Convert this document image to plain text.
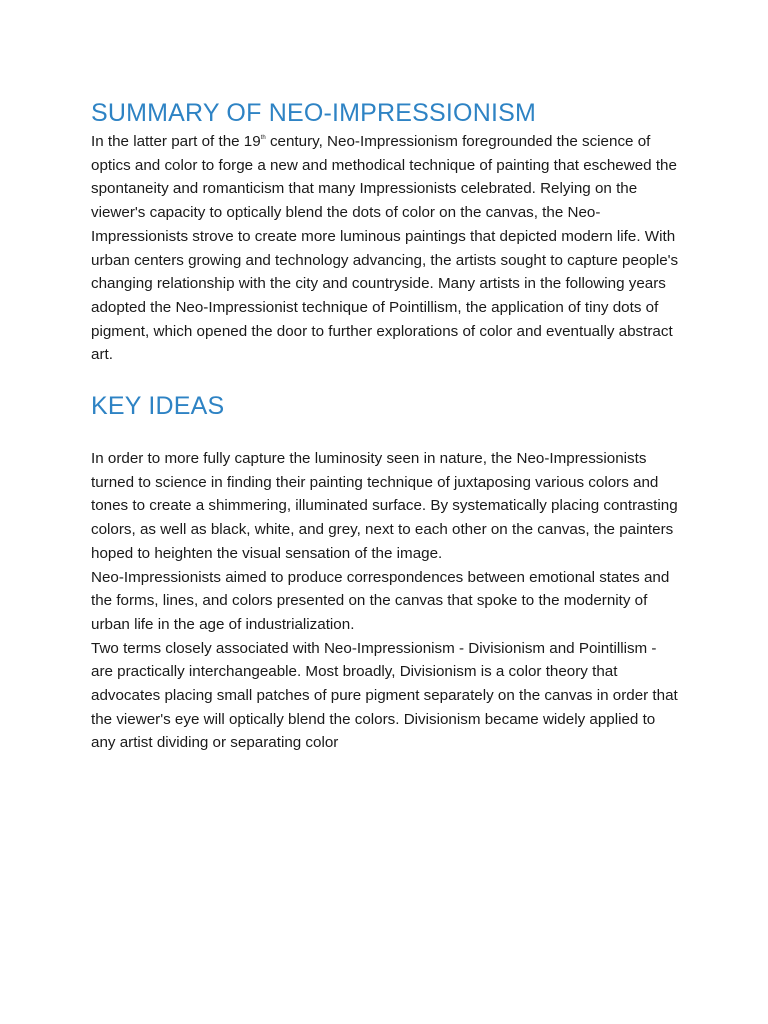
SUMMARY OF NEO-IMPRESSIONISM

In the latter part of the 19th century, Neo-Impressionism foregrounded the science of optics and color to forge a new and methodical technique of painting that eschewed the spontaneity and romanticism that many Impressionists celebrated. Relying on the viewer's capacity to optically blend the dots of color on the canvas, the Neo-Impressionists strove to create more luminous paintings that depicted modern life. With urban centers growing and technology advancing, the artists sought to capture people's changing relationship with the city and countryside. Many artists in the following years adopted the Neo-Impressionist technique of Pointillism, the application of tiny dots of pigment, which opened the door to further explorations of color and eventually abstract art.

KEY IDEAS

In order to more fully capture the luminosity seen in nature, the Neo-Impressionists turned to science in finding their painting technique of juxtaposing various colors and tones to create a shimmering, illuminated surface. By systematically placing contrasting colors, as well as black, white, and grey, next to each other on the canvas, the painters hoped to heighten the visual sensation of the image.

Neo-Impressionists aimed to produce correspondences between emotional states and the forms, lines, and colors presented on the canvas that spoke to the modernity of urban life in the age of industrialization.

Two terms closely associated with Neo-Impressionism - Divisionism and Pointillism - are practically interchangeable. Most broadly, Divisionism is a color theory that advocates placing small patches of pure pigment separately on the canvas in order that the viewer's eye will optically blend the colors. Divisionism became widely applied to any artist dividing or separating color
